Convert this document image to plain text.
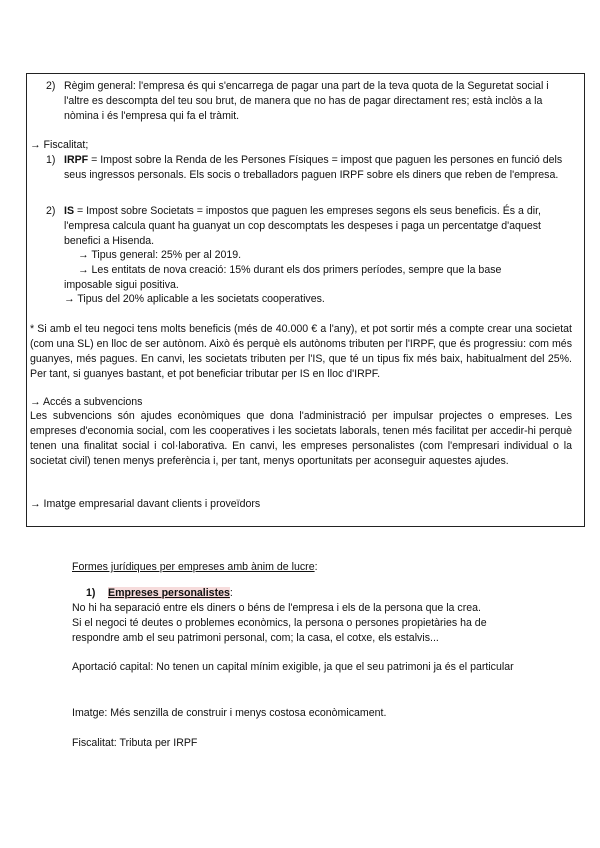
2) Règim general: l'empresa és qui s'encarrega de pagar una part de la teva quota de la Seguretat social i l'altre es descompta del teu sou brut, de manera que no has de pagar directament res; està inclòs a la nòmina i és l'empresa qui fa el tràmit.

→ Fiscalitat;

1) IRPF = Impost sobre la Renda de les Persones Físiques = impost que paguen les persones en funció dels seus ingressos personals. Els socis o treballadors paguen IRPF sobre els diners que reben de l'empresa.

2) IS = Impost sobre Societats = impostos que paguen les empreses segons els seus beneficis. És a dir, l'empresa calcula quant ha guanyat un cop descomptats les despeses i paga un percentatge d'aquest benefici a Hisenda.

→ Tipus general: 25% per al 2019.

→ Les entitats de nova creació: 15% durant els dos primers períodes, sempre que la base imposable sigui positiva.

→ Tipus del 20% aplicable a les societats cooperatives.

* Si amb el teu negoci tens molts beneficis (més de 40.000 € a l'any), et pot sortir més a compte crear una societat (com una SL) en lloc de ser autònom. Això és perquè els autònoms tributen per l'IRPF, que és progressiu: com més guanyes, més pagues. En canvi, les societats tributen per l'IS, que té un tipus fix més baix, habitualment del 25%. Per tant, si guanyes bastant, et pot beneficiar tributar per IS en lloc d'IRPF.

→ Accés a subvencions

Les subvencions són ajudes econòmiques que dona l'administració per impulsar projectes o empreses. Les empreses d'economia social, com les cooperatives i les societats laborals, tenen més facilitat per accedir-hi perquè tenen una finalitat social i col·laborativa. En canvi, les empreses personalistes (com l'empresari individual o la societat civil) tenen menys preferència i, per tant, menys oportunitats per aconseguir aquestes ajudes.

→ Imatge empresarial davant clients i proveïdors

Formes jurídiques per empreses amb ànim de lucre:

1) Empreses personalistes:

No hi ha separació entre els diners o béns de l'empresa i els de la persona que la crea.

Si el negoci té deutes o problemes econòmics, la persona o persones propietàries ha de respondre amb el seu patrimoni personal, com; la casa, el cotxe, els estalvis...

Aportació capital: No tenen un capital mínim exigible, ja que el seu patrimoni ja és el particular

Imatge: Més senzilla de construir i menys costosa econòmicament.

Fiscalitat: Tributa per IRPF
